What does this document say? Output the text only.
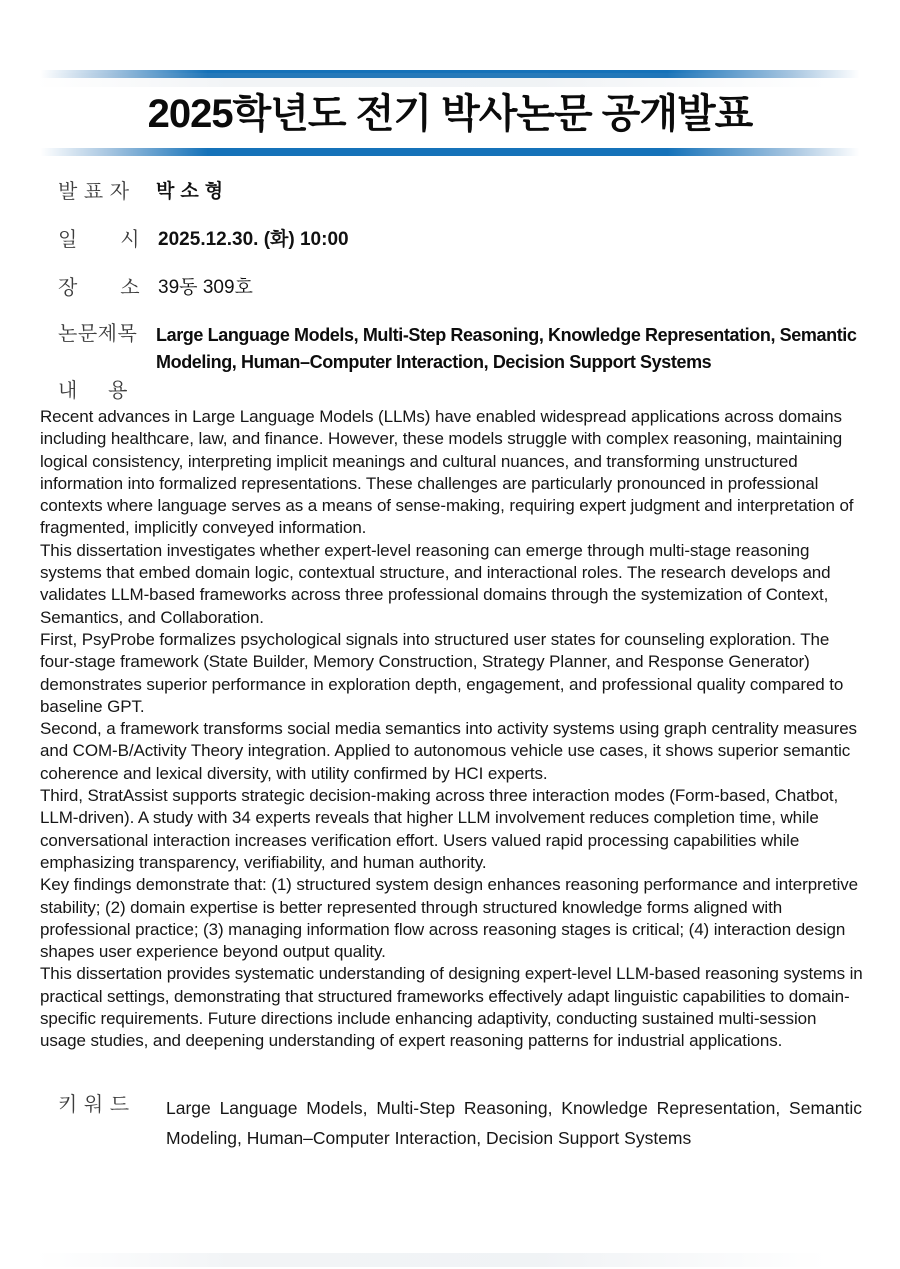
2025학년도 전기 박사논문 공개발표
발 표 자	박소형
일       시 2025.12.30. (화) 10:00
장       소 39동 309호
논문제목 Large Language Models, Multi-Step Reasoning, Knowledge Representation, Semantic Modeling, Human–Computer Interaction, Decision Support Systems
내     용

Recent advances in Large Language Models (LLMs) have enabled widespread applications across domains including healthcare, law, and finance. However, these models struggle with complex reasoning, maintaining logical consistency, interpreting implicit meanings and cultural nuances, and transforming unstructured information into formalized representations. These challenges are particularly pronounced in professional contexts where language serves as a means of sense-making, requiring expert judgment and interpretation of fragmented, implicitly conveyed information.

This dissertation investigates whether expert-level reasoning can emerge through multi-stage reasoning systems that embed domain logic, contextual structure, and interactional roles. The research develops and validates LLM-based frameworks across three professional domains through the systemization of Context, Semantics, and Collaboration.

First, PsyProbe formalizes psychological signals into structured user states for counseling exploration. The four-stage framework (State Builder, Memory Construction, Strategy Planner, and Response Generator) demonstrates superior performance in exploration depth, engagement, and professional quality compared to baseline GPT.

Second, a framework transforms social media semantics into activity systems using graph centrality measures and COM-B/Activity Theory integration. Applied to autonomous vehicle use cases, it shows superior semantic coherence and lexical diversity, with utility confirmed by HCI experts.

Third, StratAssist supports strategic decision-making across three interaction modes (Form-based, Chatbot, LLM-driven). A study with 34 experts reveals that higher LLM involvement reduces completion time, while conversational interaction increases verification effort. Users valued rapid processing capabilities while emphasizing transparency, verifiability, and human authority.

Key findings demonstrate that: (1) structured system design enhances reasoning performance and interpretive stability; (2) domain expertise is better represented through structured knowledge forms aligned with professional practice; (3) managing information flow across reasoning stages is critical; (4) interaction design shapes user experience beyond output quality.

This dissertation provides systematic understanding of designing expert-level LLM-based reasoning systems in practical settings, demonstrating that structured frameworks effectively adapt linguistic capabilities to domain-specific requirements. Future directions include enhancing adaptivity, conducting sustained multi-session usage studies, and deepening understanding of expert reasoning patterns for industrial applications.

키 워 드	Large Language Models, Multi-Step Reasoning, Knowledge Representation, Semantic Modeling, Human–Computer Interaction, Decision Support Systems
